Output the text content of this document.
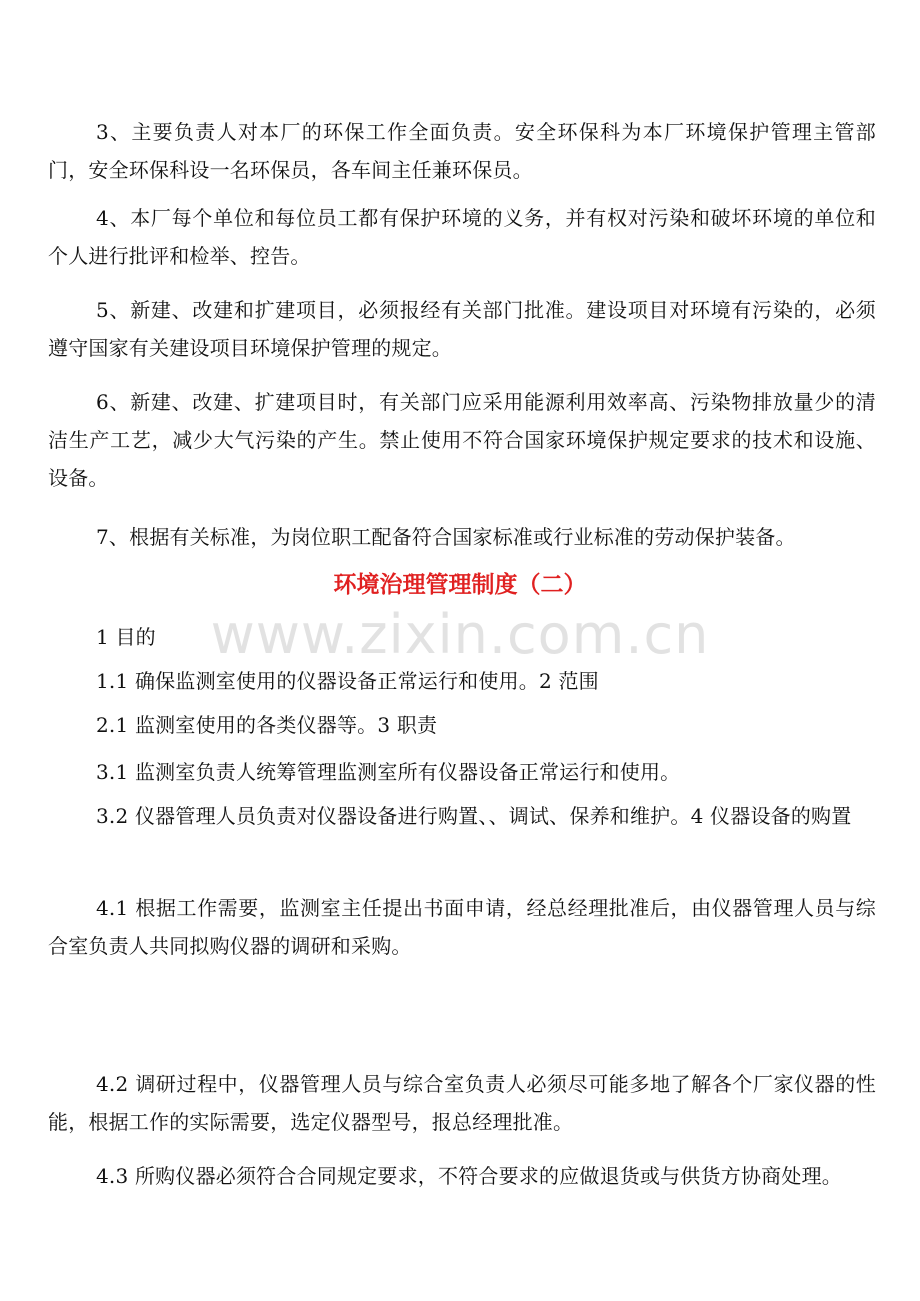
3、主要负责人对本厂的环保工作全面负责。安全环保科为本厂环境保护管理主管部门，安全环保科设一名环保员，各车间主任兼环保员。

4、本厂每个单位和每位员工都有保护环境的义务，并有权对污染和破坏环境的单位和个人进行批评和检举、控告。

5、新建、改建和扩建项目，必须报经有关部门批准。建设项目对环境有污染的，必须遵守国家有关建设项目环境保护管理的规定。

6、新建、改建、扩建项目时，有关部门应采用能源利用效率高、污染物排放量少的清洁生产工艺，减少大气污染的产生。禁止使用不符合国家环境保护规定要求的技术和设施、设备。

7、根据有关标准，为岗位职工配备符合国家标准或行业标准的劳动保护装备。

环境治理管理制度（二）
www.zixin.com.cn

1 目的

1.1 确保监测室使用的仪器设备正常运行和使用。2 范围

2.1 监测室使用的各类仪器等。3 职责

3.1 监测室负责人统筹管理监测室所有仪器设备正常运行和使用。

3.2 仪器管理人员负责对仪器设备进行购置、、调试、保养和维护。4 仪器设备的购置

4.1 根据工作需要，监测室主任提出书面申请，经总经理批准后，由仪器管理人员与综合室负责人共同拟购仪器的调研和采购。

4.2 调研过程中，仪器管理人员与综合室负责人必须尽可能多地了解各个厂家仪器的性能，根据工作的实际需要，选定仪器型号，报总经理批准。

4.3 所购仪器必须符合合同规定要求，不符合要求的应做退货或与供货方协商处理。
